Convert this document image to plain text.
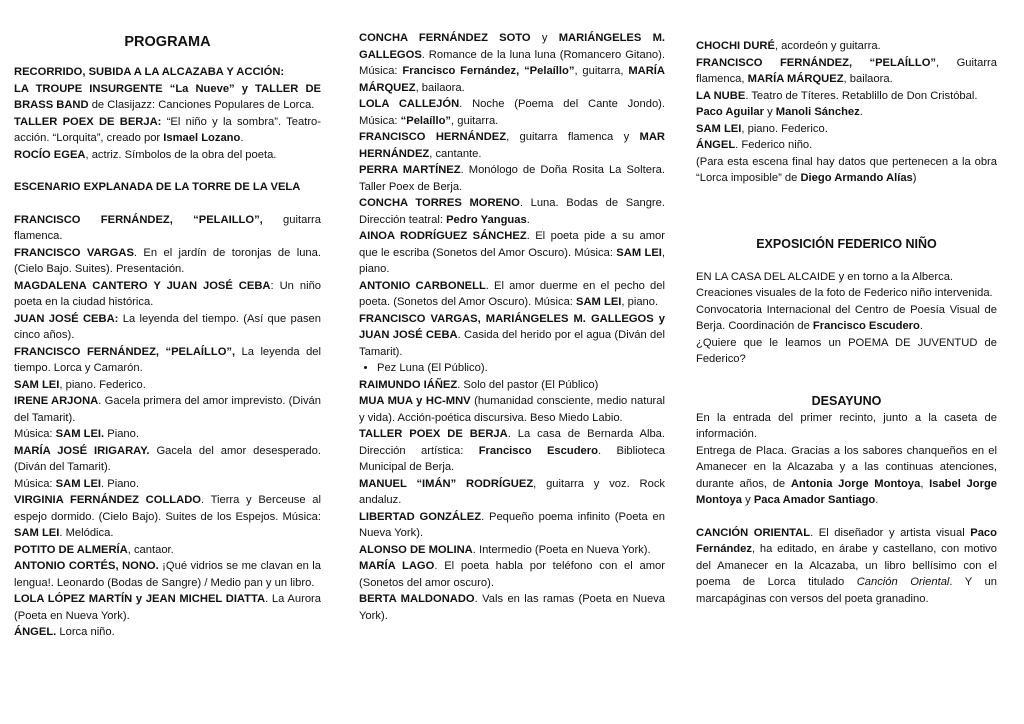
PROGRAMA

RECORRIDO, SUBIDA A LA ALCAZABA Y ACCIÓN:

LA TROUPE INSURGENTE “La Nueve” y TALLER DE BRASS BAND de Clasijazz: Canciones Populares de Lorca.

TALLER POEX DE BERJA: “El niño y la sombra”. Teatro-acción. “Lorquita”, creado por Ismael Lozano.

ROCÍO EGEA, actriz. Símbolos de la obra del poeta.

ESCENARIO EXPLANADA DE LA TORRE DE LA VELA

FRANCISCO FERNÁNDEZ, “PELAILLO”, guitarra flamenca.

FRANCISCO VARGAS. En el jardín de toronjas de luna. (Cielo Bajo. Suites). Presentación.

MAGDALENA CANTERO Y JUAN JOSÉ CEBA: Un niño poeta en la ciudad histórica.

JUAN JOSÉ CEBA: La leyenda del tiempo. (Así que pasen cinco años).

FRANCISCO FERNÁNDEZ, “PELAÍLLO”, La leyenda del tiempo. Lorca y Camarón.

SAM LEI, piano. Federico.

IRENE ARJONA. Gacela primera del amor imprevisto. (Diván del Tamarit).

Música: SAM LEI. Piano.

MARÍA JOSÉ IRIGARAY. Gacela del amor desesperado. (Diván del Tamarit).

Música: SAM LEI. Piano.

VIRGINIA FERNÁNDEZ COLLADO. Tierra y Berceuse al espejo dormido. (Cielo Bajo). Suites de los Espejos. Música: SAM LEI. Melódica.

POTITO DE ALMERÍA, cantaor.

ANTONIO CORTÉS, NONO. ¡Qué vidrios se me clavan en la lengua!. Leonardo (Bodas de Sangre) / Medio pan y un libro.

LOLA LÓPEZ MARTÍN y JEAN MICHEL DIATTA. La Aurora (Poeta en Nueva York).

ÁNGEL. Lorca niño.

CONCHA FERNÁNDEZ SOTO y MARIÁNGELES M. GALLEGOS. Romance de la luna luna (Romancero Gitano). Música: Francisco Fernández, “Pelaíllo”, guitarra, MARÍA MÁRQUEZ, bailaora.

LOLA CALLEJÓN. Noche (Poema del Cante Jondo). Música: “Pelaíllo”, guitarra.

FRANCISCO HERNÁNDEZ, guitarra flamenca y MAR HERNÁNDEZ, cantante.

PERRA MARTÍNEZ. Monólogo de Doña Rosita La Soltera. Taller Poex de Berja.

CONCHA TORRES MORENO. Luna. Bodas de Sangre. Dirección teatral: Pedro Yanguas.

AINOA RODRÍGUEZ SÁNCHEZ. El poeta pide a su amor que le escriba (Sonetos del Amor Oscuro). Música: SAM LEI, piano.

ANTONIO CARBONELL. El amor duerme en el pecho del poeta. (Sonetos del Amor Oscuro). Música: SAM LEI, piano.

FRANCISCO VARGAS, MARIÁNGELES M. GALLEGOS y JUAN JOSÉ CEBA. Casida del herido por el agua (Diván del Tamarit).

• Pez Luna (El Público).

RAIMUNDO IÁÑEZ. Solo del pastor (El Público)

MUA MUA y HC-MNV (humanidad consciente, medio natural y vida). Acción-poética discursiva. Beso Miedo Labio.

TALLER POEX DE BERJA. La casa de Bernarda Alba. Dirección artística: Francisco Escudero. Biblioteca Municipal de Berja.

MANUEL “IMÁN” RODRÍGUEZ, guitarra y voz. Rock andaluz.

LIBERTAD GONZÁLEZ. Pequeño poema infinito (Poeta en Nueva York).

ALONSO DE MOLINA. Intermedio (Poeta en Nueva York).

MARÍA LAGO. El poeta habla por teléfono con el amor (Sonetos del amor oscuro).

BERTA MALDONADO. Vals en las ramas (Poeta en Nueva York).

CHOCHI DURÉ, acordeón y guitarra.

FRANCISCO FERNÁNDEZ, “PELAÍLLO”, Guitarra flamenca, MARÍA MÁRQUEZ, bailaora.

LA NUBE. Teatro de Títeres. Retablillo de Don Cristóbal.

Paco Aguilar y Manoli Sánchez.

SAM LEI, piano. Federico.

ÁNGEL. Federico niño.

(Para esta escena final hay datos que pertenecen a la obra “Lorca imposible” de Diego Armando Alías)

EXPOSICIÓN FEDERICO NIÑO

EN LA CASA DEL ALCAIDE y en torno a la Alberca.

Creaciones visuales de la foto de Federico niño intervenida.

Convocatoria Internacional del Centro de Poesía Visual de Berja. Coordinación de Francisco Escudero.

¿Quiere que le leamos un POEMA DE JUVENTUD de Federico?

DESAYUNO

En la entrada del primer recinto, junto a la caseta de información.

Entrega de Placa. Gracias a los sabores chanqueños en el Amanecer en la Alcazaba y a las continuas atenciones, durante años, de Antonia Jorge Montoya, Isabel Jorge Montoya y Paca Amador Santiago.

CANCIÓN ORIENTAL. El diseñador y artista visual Paco Fernández, ha editado, en árabe y castellano, con motivo del Amanecer en la Alcazaba, un libro bellísimo con el poema de Lorca titulado Canción Oriental. Y un marcapáginas con versos del poeta granadino.
